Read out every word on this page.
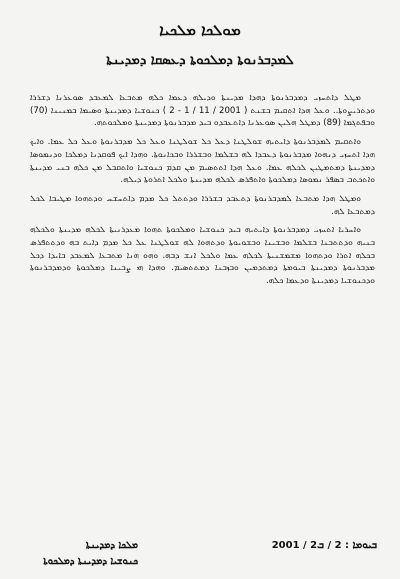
ܡܘܠܟܐ ܡܠܟܝܐ
ܠܡܕܒܪܢܘܬܐ ܕܡܠܟܘܬܐ ܕܥܣܩܐ ܕܡܕܝܢܬܐ

ܡܛܠ ܕܐܬܚܙܝ ܕܡܕܒܪܢܘܬܐ ܕܗܕܐ ܡܕܝܢܬܐ ܘܕܝܠܗ ܕܥܡܐ ܟܠܗ ܡܬܒܥܐ ܠܡܥܒܕ ܣܘܥܪܢܐ ܕܫܪܪܐ ܘܕܬܪܝܨܘܬܐ.. ܘܥܠ ܗܕܐ ܐܬܩܝܡ ܒܫܢܬ ( 2001 / 11 / 1 - 2 ) ܟܢܘܫܝܐ ܕܡܕܝܢܬܐ ܘܣܝܡܐ ܒܡܢܝܢܐ (70) ܘܒܦܬܓܡܐ (89) ܕܡܛܠ ܗܠܝܢ ܣܘܥܪܢܐ ܕܐܬܥܒܕܘ ܒܝܕ ܡܕܒܪܢܘܬܐ ܕܡܕܝܢܬܐ ܘܡܠܟܘܬܗ.

ܘܐܬܩܝܡ ܠܡܕܒܪܢܘܬܐ ܕܐܝܬܝܗ ܫܘܠܛܢܐ ܕܥܠ ܟܠ ܫܘܠܛܢܐ ܘܥܠ ܟܠ ܡܕܒܪܢܘܬܐ ܘܥܠ ܟܠ ܥܡܐ. ܘܐܝܟ ܗܕܐ ܐܬܚܙܝ ܕܢܗܘܐ ܡܕܒܪܢܘܬܐ ܕܥܒܕܐ ܠܗ ܒܫܠܡܐ ܘܒܫܪܪܐ ܘܒܟܐܢܘܬܐ. ܘܗܕܐ ܐܝܟ ܦܘܩܕܢܐ ܕܡܠܟܐ ܘܕܢܡܘܣܐ ܕܡܕܝܢܬܐ ܕܡܬܡܛܝܢ ܠܟܠܗ ܥܡܐ. ܘܥܠ ܗܕܐ ܐܬܬܣܝܡ ܡܢ ܩܕܡ ܟܢܘܫܝܐ ܘܐܬܩܒܠ ܡܢ ܟܠܗ ܒܢܝ ܡܕܝܢܬܐ ܘܐܬܟܬܒ ܒܣܦܪ ܢܡܘܣܐ ܕܡܠܟܘܬܐ ܘܐܬܦܪܣ ܠܟܠܗ ܡܕܝܢܬܐ ܘܠܟܠ ܐܬܪܘܬܐ ܕܝܠܗ.

ܘܡܛܠ ܗܕܐ ܡܬܒܥܐ ܠܡܕܒܪܢܘܬܐ ܕܬܥܒܕ ܒܫܪܪܐ ܘܕܬܬܠ ܟܠ ܡܕܡ ܕܐܬܚܫܚ ܘܕܬܗܘܐ ܡܛܝܒܐ ܠܟܠ ܕܡܬܒܥܐ ܠܗ.

ܘܐܚܪܝܐ ܐܬܚܙܝ ܕܡܕܒܪܢܘܬܐ ܕܐܝܬܝܗ ܒܝܕ ܟܢܘܫܝܐ ܘܡܠܟܘܬܐ ܬܗܘܐ ܡܥܕܪܢܝܬܐ ܠܟܠܗ ܡܕܝܢܬܐ ܘܠܟܠܗ ܒܢܝܗ ܘܕܬܬܒܢܐ ܒܫܠܡܐ ܘܒܫܝܢܐ ܘܒܫܘܝܘܬܐ ܘܕܬܗܘܐ ܠܗ ܫܘܠܛܢܐ ܥܠ ܟܠ ܡܕܡ ܕܐܝܬ ܒܗ ܘܕܬܬܦܪܣ ܒܟܠܗ ܐܬܪܐ ܘܕܬܗܘܐ ܡܫܡܫܢܝܬܐ ܠܟܠܗ ܥܡܐ ܘܠܟܠ ܐܢܫ ܕܒܗ. ܘܗܘ ܗܢܐ ܡܬܒܥܐ ܠܡܥܒܕ ܒܐܝܕܐ ܕܟܠ ܡܕܒܪܢܘܬܐ ܕܡܕܝܢܬܐ ܒܝܘܡܬܐ ܕܡܬܕܡܝܢ ܘܒܙܒܢܐ ܕܡܬܬܣܝܡ. ܘܗܕܐ ܗܝ ܨܒܝܢܐ ܕܡܠܟܘܬܐ ܘܕܡܕܒܪܢܘܬܐ ܘܕܟܢܘܫܝܐ ܕܡܕܝܢܬܐ ܘܕܥܡܐ ܟܠܗ.

ܒܝܘܡܐ : 2 / ܒ2 / 2001
ܡܠܟܐ ܕܡܕܝܢܬܐ
ܟܢܘܫܝܐ ܕܡܕܝܢܬܐ ܕܡܠܟܘܬܐ
